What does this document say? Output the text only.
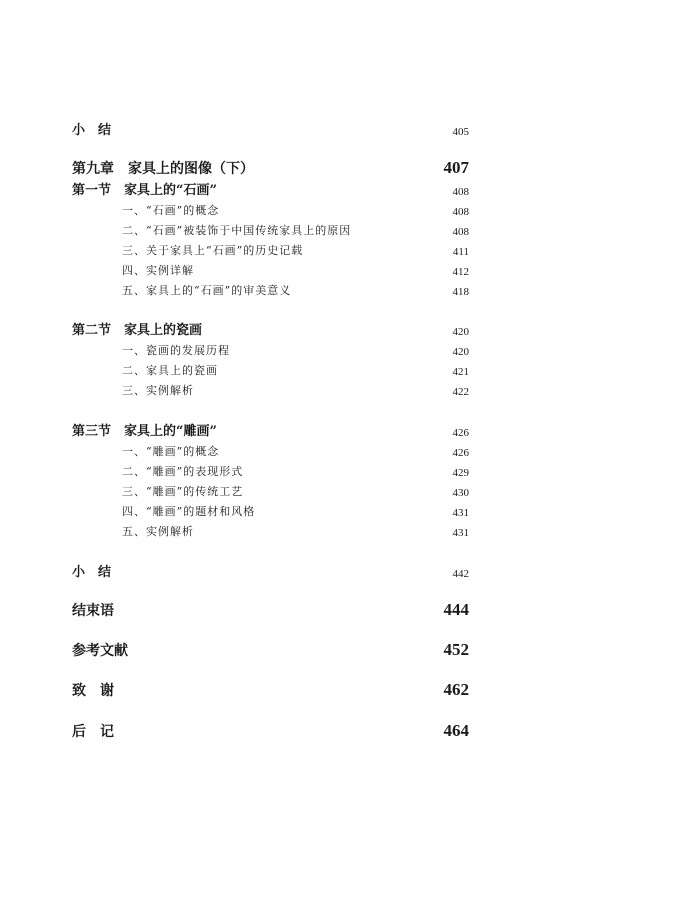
小　结	405
第九章　家具上的图像（下）	407
第一节　家具上的“石画”	408
一、“石画”的概念	408
二、“石画”被装饰于中国传统家具上的原因	408
三、关于家具上“石画”的历史记载	411
四、实例详解	412
五、家具上的“石画”的审美意义	418
第二节　家具上的瓷画	420
一、瓷画的发展历程	420
二、家具上的瓷画	421
三、实例解析	422
第三节　家具上的“雕画”	426
一、“雕画”的概念	426
二、“雕画”的表现形式	429
三、“雕画”的传统工艺	430
四、“雕画”的题材和风格	431
五、实例解析	431
小　结	442
结束语	444
参考文献	452
致　谢	462
后　记	464
